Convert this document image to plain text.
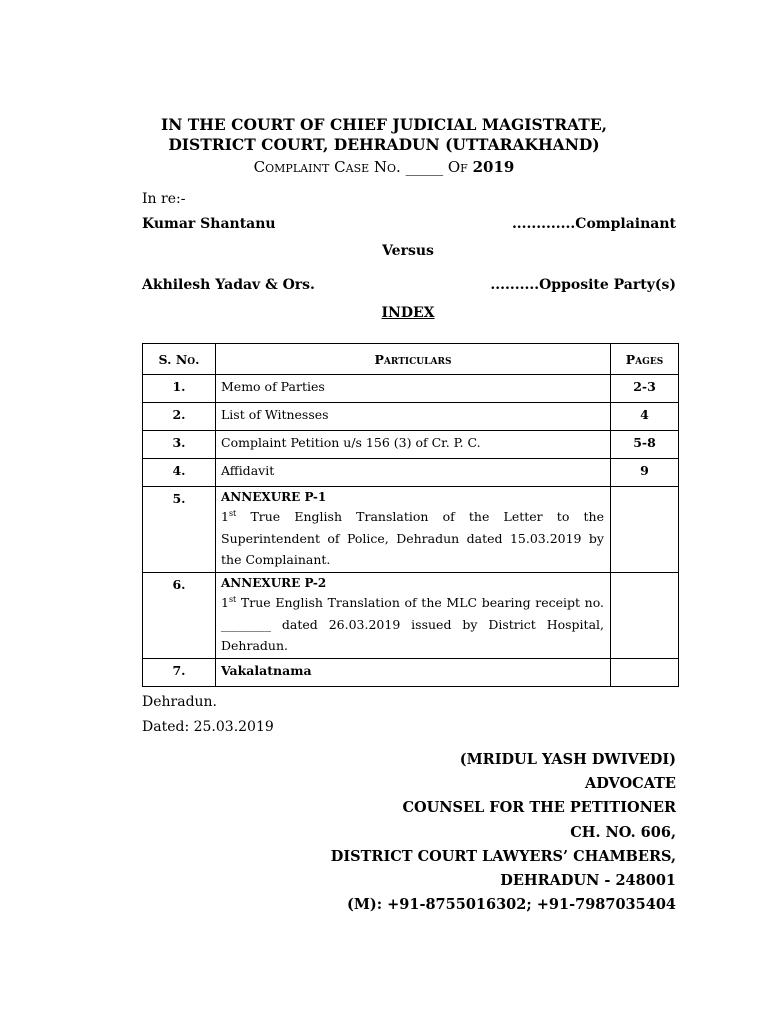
IN THE COURT OF CHIEF JUDICIAL MAGISTRATE,
DISTRICT COURT, DEHRADUN (UTTARAKHAND)
Complaint Case No. _____ Of 2019
In re:-
Kumar Shantanu	.............Complainant
Versus
Akhilesh Yadav & Ors.	..........Opposite Party(s)
INDEX
S. No.	Particulars	Pages
1.	Memo of Parties	2-3
2.	List of Witnesses	4
3.	Complaint Petition u/s 156 (3) of Cr. P. C.	5-8
4.	Affidavit	9
5.	ANNEXURE P-1
1st True English Translation of the Letter to the Superintendent of Police, Dehradun dated 15.03.2019 by the Complainant.	

6.	ANNEXURE P-2
1st True English Translation of the MLC bearing receipt no. ________ dated 26.03.2019 issued by District Hospital, Dehradun.	

7.	Vakalatnama	
Dehradun.
Dated: 25.03.2019
(MRIDUL YASH DWIVEDI)
ADVOCATE
COUNSEL FOR THE PETITIONER
CH. NO. 606,
DISTRICT COURT LAWYERS’ CHAMBERS,
DEHRADUN - 248001
(M): +91-8755016302; +91-7987035404
